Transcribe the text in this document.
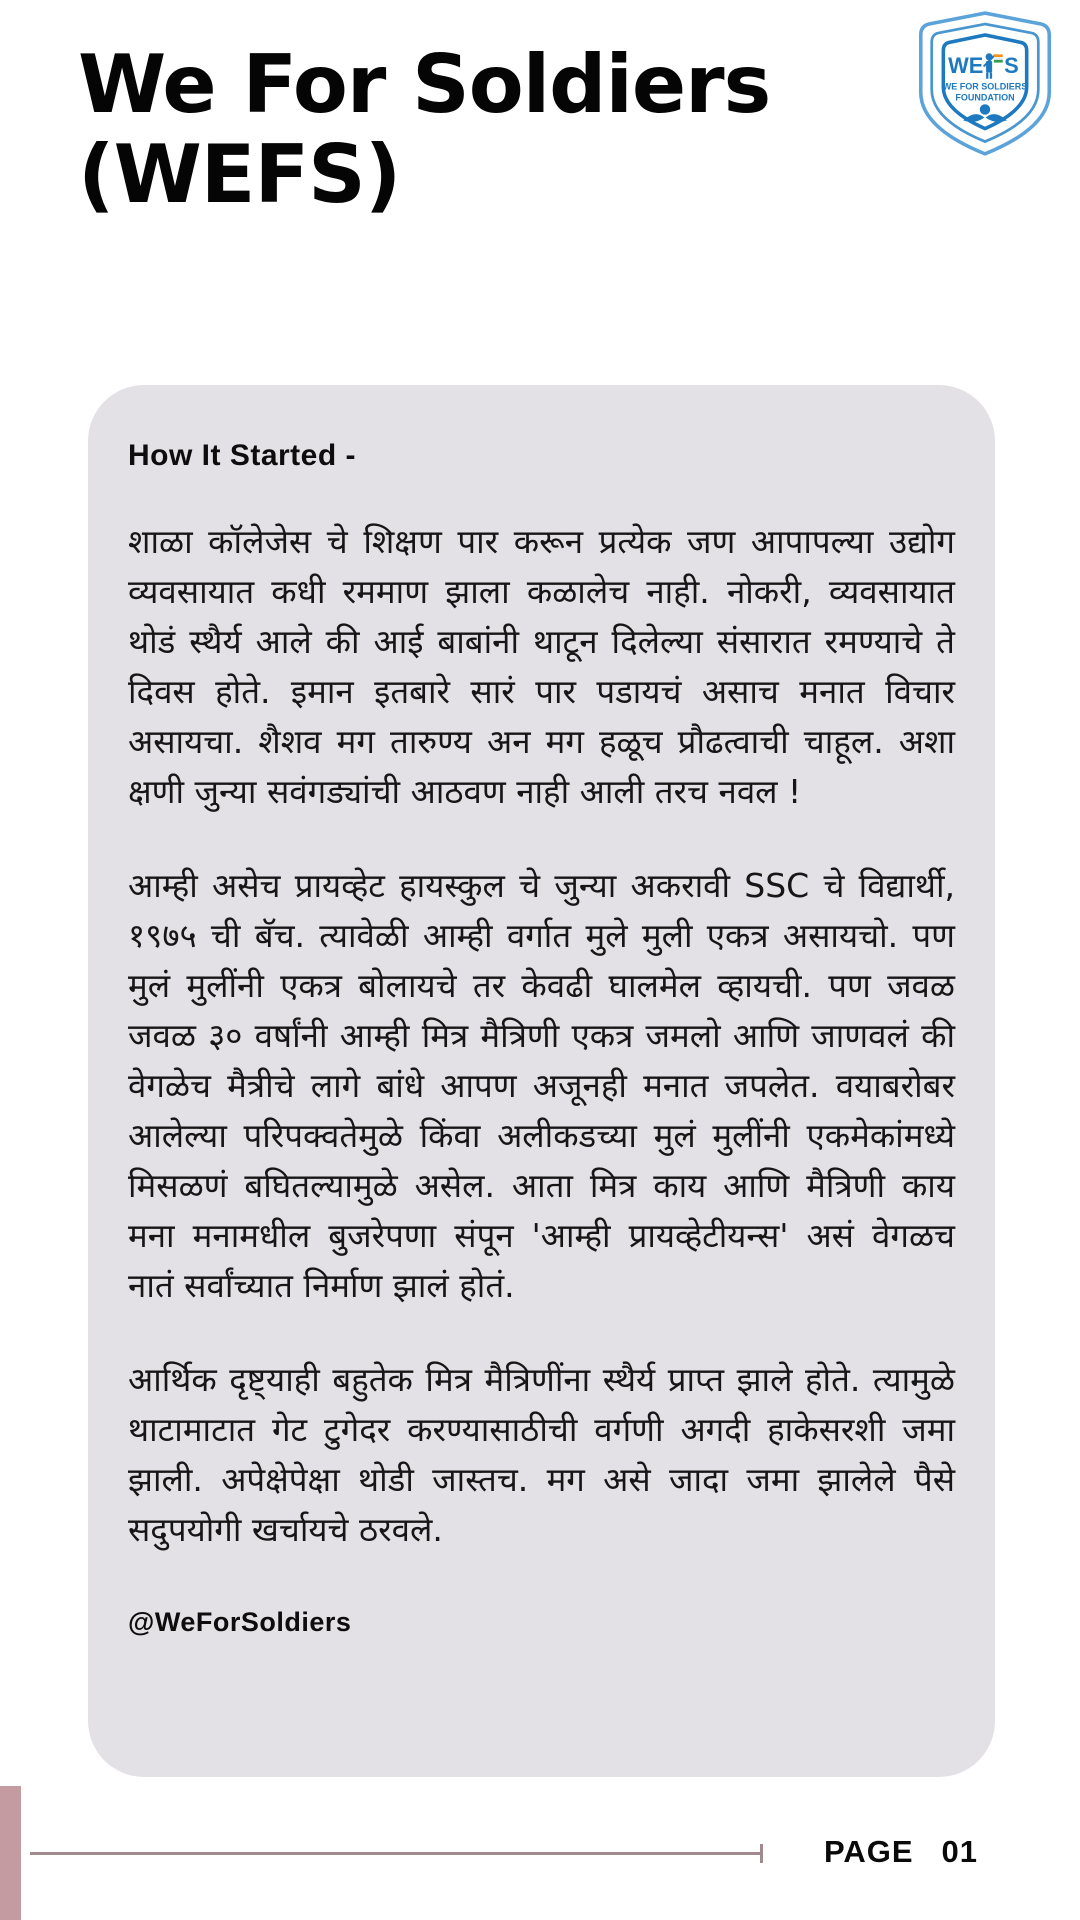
We For Soldiers
(WEFS)
WE S
WE FOR SOLDIERS
FOUNDATION
How It Started -

शाळा कॉलेजेस चे शिक्षण पार करून प्रत्येक जण आपापल्या उद्योग व्यवसायात कधी रममाण झाला कळालेच नाही. नोकरी, व्यवसायात थोडं स्थैर्य आले की आई बाबांनी थाटून दिलेल्या संसारात रमण्याचे ते दिवस होते. इमान इतबारे सारं पार पडायचं असाच मनात विचार असायचा. शैशव मग तारुण्य अन मग हळूच प्रौढत्वाची चाहूल. अशा क्षणी जुन्या सवंगड्यांची आठवण नाही आली तरच नवल !

आम्ही असेच प्रायव्हेट हायस्कुल चे जुन्या अकरावी SSC चे विद्यार्थी, १९७५ ची बॅच. त्यावेळी आम्ही वर्गात मुले मुली एकत्र असायचो. पण मुलं मुलींनी एकत्र बोलायचे तर केवढी घालमेल व्हायची. पण जवळ जवळ ३० वर्षांनी आम्ही मित्र मैत्रिणी एकत्र जमलो आणि जाणवलं की वेगळेच मैत्रीचे लागे बांधे आपण अजूनही मनात जपलेत. वयाबरोबर आलेल्या परिपक्वतेमुळे किंवा अलीकडच्या मुलं मुलींनी एकमेकांमध्ये मिसळणं बघितल्यामुळे असेल. आता मित्र काय आणि मैत्रिणी काय मना मनामधील बुजरेपणा संपून 'आम्ही प्रायव्हेटीयन्स' असं वेगळच नातं सर्वांच्यात निर्माण झालं होतं.

आर्थिक दृष्ट्याही बहुतेक मित्र मैत्रिणींना स्थैर्य प्राप्त झाले होते. त्यामुळे थाटामाटात गेट टुगेदर करण्यासाठीची वर्गणी अगदी हाकेसरशी जमा झाली. अपेक्षेपेक्षा थोडी जास्तच. मग असे जादा जमा झालेले पैसे सदुपयोगी खर्चायचे ठरवले.

@WeForSoldiers
PAGE 01
